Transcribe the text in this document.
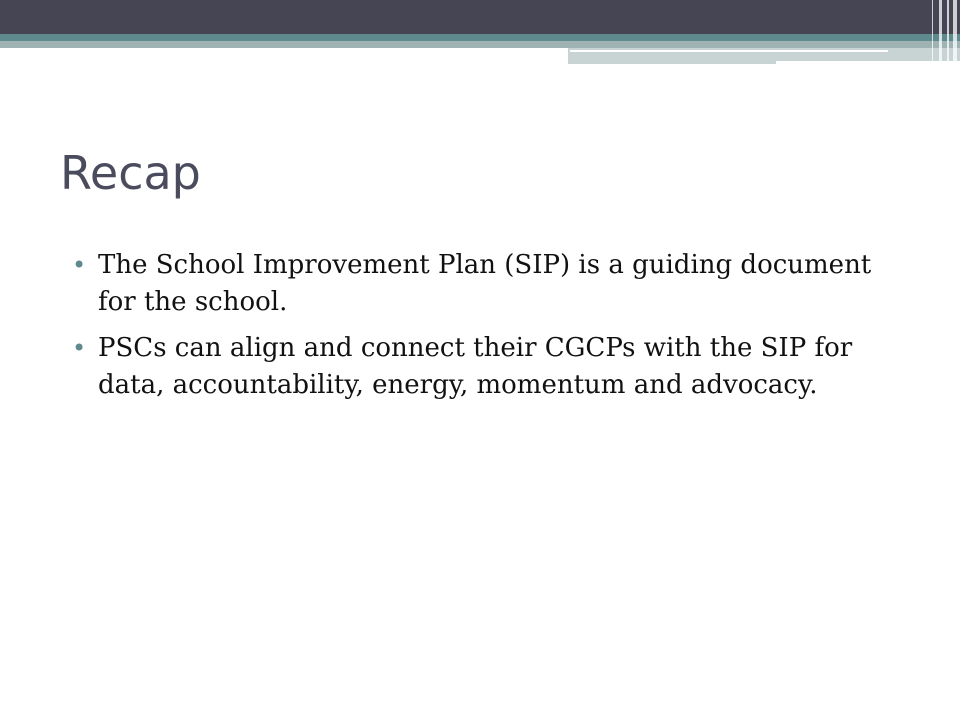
Recap
• The School Improvement Plan (SIP) is a guiding document for the school.
• PSCs can align and connect their CGCPs with the SIP for data, accountability, energy, momentum and advocacy.
